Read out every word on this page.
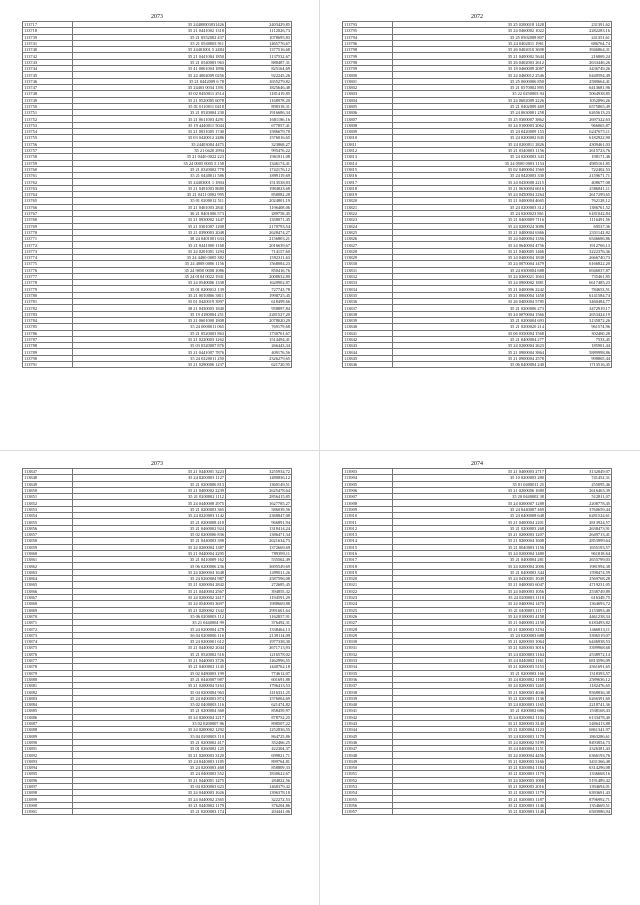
2073
113717	35 24400003031426	2403429,85
113718	35 21 0441002 1318	1112026,73
113739	35 21 0552002 437	1078695,83
113741	35 21 0540003 911	1465776,67
113740	35 24401001 5 2484	1377516,68
113742	35 21 0441004 1850	1137532,67
113743	35 21 0540003 963	888487,31
113744	35 41 0061004 1896	825164,69
113745	35 24 4004009 0256	922245,26
113746	35 21 0442009 6 78	1655279,82
113747	35 24403 0034 1391	1825646,48
113748	35 02 0450011 2514	1181419,85
113749	35 21 0520005 6078	1168978,20
113750	35 01 0110011 0418	898318,31
113751	35 21 0520004 230	1916686,34
113752	35 21 0611003 4291	1681186,16
113753	35 19 4440011 5044	677857,41
113754	35 21 0031005 1740	1586679,78
113755	35 03 0420012 2486	1576016,65
113756	35 24403004 4475	323868,27
113757	35 21 0420 2994	995476,22
113758	35 21 0440 0022 223	1961811,08
113759	35 24 0005 0005 5 158	1346174,41
113760	35 21 0320002 778	1742176,12
113761	35 21 0440011 586	1899119,69
113762	35 24403001 1 1804	1513538,83
113763	35 21 0491003 8680	1984823,68
113764	35 21 0411 0002 995	858082,28
113765	35 01 0200012 511	2024801,19
113766	35 21 0461003 2841	1196408,06
113767	36 21 8401006 573	289758,45
113768	35 21 0930002 1447	1358071,45
113769	35 21 0301007 1208	2170793,54
113770	35 21 0390003 2048	2628474,27
113771	38 24 0401001 634	2156803,21
113772	35 21 0441000 1168	2016639,67
113773	35 24 0201001 1294	714157,60
113774	35 24 4400 0005 382	1592311,63
113775	35 24 4008 0006 1156	1568084,23
113776	35 24 9850 0008 1086	850416,76
113777	35 24 0104 0022 1941	2008632,80
113778	35 24 0540006 1338	1620902,87
113779	35 01 0200012 139	727743,78
113780	35 21 0010006 3811	1998725,45
113781	35 01 0420019 3997	618499,66
113782	38 21 0430003 1840	958897,84
113783	35 19 4180004 251	2281527,20
113784	35 21 0601000 1808	2078020,29
113785	35 24 0000011 065	769179,68
113786	35 21 0520003 863	1730761,67
113787	35 21 0220003 1262	1514494,41
113788	35 03 0320007 876	266443,34
113789	35 21 0441007 7876	409176,56
113790	35 24 0220011 250	2326279,65
113791	35 21 0290006 1237	621720,95
2072
113793	35 25 0200018 1428	231391,62
113795	35 24 0460002 1022	2282283,16
113794	35 25 0502008 807	241351,61
113796	35 24 0402011 1961	686764,74
113798	35 26 0402010 3698	3946864,31
113799	35 21 0400002 5644	216869,24
113798	35 26 0402003 2612	2633446,26
113799	35 18 0460009 2087	3436749,26
113800	35 24 0460012 2546	6440594,49
113801	35 25 0600006 850	2580664,41
113802	35 21 0570002 895	6413681,96
113803	35 22 0250003 94	5064938,85
113804	35 24 0602009 2226	1052096,26
113805	35 21 0402009 469	6575865,49
113806	35 24 0630001 258	6265613,23
113807	35 25 0300007 3862	2697322,63
113808	35 24 0100003 2062	966065,87
113809	35 24 0420009 153	6247675,11
113810	35 24 0200002 845	6182922,90
113811	35 24 0200011 2826	4309461,03
113812	35 21 0340003 1156	2615723,76
113813	35 24 0200003 343	198171,46
113814	35 24 0500 0003 1154	4985161,85
113815	35 02 0400004 1560	722402,53
113816	35 24 0420003 330	2159671,71
113817	35 24 0430008 2215	408677,08
113818	35 21 0630004 6616	2586841,11
113819	35 24 0450004 2264	2617299,65
113820	35 21 0400004 4665	762128,12
113821	35 24 0200003 312	1386761,52
113822	35 24 0200023 861	6181042,84
113823	35 21 0400009 7116	1116491,56
113824	35 24 0200024 3086	69537,36
113825	35 21 0400004 6366	2331142,82
113826	35 24 0400004 1356	6546686,86
113827	35 24 0640004 4756	1912766,13
113828	35 21 0400005 1466	3222376,36
113829	35 24 0400004 1838	2666740,73
113830	35 24 0070004 1479	6166822,20
113831	35 24 0300004 688	6946037,87
113832	35 24 0200021 1663	735461,85
113833	35 24 0900002 1881	6617485,23
113834	35 21 0400006 2242	784653,51
113835	35 21 0060004 1458	6141584,74
113836	35 26 0400004 5785	3460484,77
113837	35 21 0200006 273	3472919,17
113838	35 24 0070004 1566	2653424,19
113839	35 21 0200004 693	3135872,26
113840	35 21 0200020 214	961574,96
113841	35 06 0350004 1568	302460,28
113842	35 21 0400004 277	7533,45
113843	35 24 0200004 2623	185901,44
113844	35 21 0900004 3864	5889998,86
113845	35 21 0900004 2578	998865,44
113846	35 06 0400004 240	1713516,45
2073
113847	35 21 0440001 3223	3255934,72
113848	35 24 0200003 1127	1480836,12
113849	35 21 0200006 813	1360149,51
113850	35 21 0400002 2239	2625478,64
113851	35 21 0200002 1112	2856415,85
113852	35 24 0440008 2975	1627785,27
113853	35 21 0200003 365	586039,56
113854	35 24 0220003 1142	2368847,08
113855	35 21 0200008 418	966891,94
113856	35 21 0460002 924	1318414,24
113857	35 02 0200006 836	1386471,34
113858	35 21 0440003 398	2621634,73
113859	35 24 0200004 1387	1372669,69
113860	35 21 0440004 2295	789399,11
113861	35 21 0410009 162	535562,49
113862	35 06 0200006 236	3695549,69
113863	35 24 0200004 1648	1499011,26
113864	35 24 0260004 987	2587596,08
113865	35 21 0200004 2842	272685,45
113866	35 21 0440004 2567	394855,32
113867	35 24 0200002 2417	1194591,29
113868	35 24 0540003 3697	1988669,88
113869	35 21 0200002 1342	2991661,64
113870	35 06 0200003 112	1162857,91
113871	35 21 0440004 99	376492,31
113872	35 24 0200004 478	1338464,13
113873	36 04 0200006 116	2139114,09
113874	35 24 0200001 612	1977338,30
113875	35 21 0440002 2044	2671713,93
113876	35 21 0520002 516	1216578,02
113877	35 21 0440003 3726	1462996,55
113878	35 21 0400002 1145	1440762,18
113879	35 02 0480003 199	774612,07
113880	35 21 0440007 987	601691,88
113881	35 21 0200004 5163	1796413,53
113882	35 04 0200004 963	1416331,25
113883	35 24 0400003 874	1576064,69
113884	35 02 0400003 116	621474,82
113885	35 21 0200004 368	858459,97
113886	35 24 0200004 2217	878752,25
113887	35 02 0200007 86	898507,22
113888	35 24 0200002 1292	1252836,55
113889	35 04 0200003 110	864725,86
113890	35 21 0200002 417	352466,25
113891	35 01 0260002 125	422304,37
113892	35 21 0200003 3120	699821,71
113893	35 24 0440003 1185	899764,81
113894	35 24 0200003 468	858809,33
113895	35 24 0400003 552	1830622,67
113896	35 21 0440001 1475	284822,56
113897	35 04 0200003 623	1468379,42
113898	35 24 0440003 1626	1396378,18
113899	35 24 0440002 2365	322272,53
113900	35 21 0440002 1179	376204,86
113901	35 21 0200003 174	204441,06
2074
113903	35 21 0400003 2717	3132049,07
113904	35 10 0200003 280	741452,31
113905	35 01 0400011 25	255095,46
113906	35 21 0200006 1680	2616463,39
113907	35 20 0440002 38	512811,07
113908	35 24 0200007 1288	2208778,45
113909	35 24 0440007 469	3760659,44
113910	35 24 0400008 648	6281524,61
113911	35 21 0400004 2201	2813924,57
113912	35 21 0200003 268	2638473,91
113913	35 21 0200003 1207	2649713,41
113914	35 21 0200004 1608	2853999,64
113915	35 21 0040003 1156	1655193,57
113916	35 24 0200004 1480	961818,64
113917	35 21 0400004 281	2655799,03
113918	35 24 0200004 2006	1981994,38
113919	35 21 0400003 344	1598474,59
113920	35 24 0430001 1049	2569768,28
113921	35 21 0400003 6047	4719231,05
113922	35 24 0400003 1056	2538749,89
113923	35 24 0200003 1118	616349,75
113924	35 24 0400004 1470	1364693,72
113925	35 21 0400003 1117	2153893,40
113926	35 24 0100003 4158	4461238,34
113927	35 21 0400003 2158	6183493,82
113928	35 21 0200003 3194	1466813,11
113929	35 24 0200003 688	3396519,07
113930	35 21 0200003 1064	6446938,53
113931	35 21 0200003 3016	3399968,68
113932	35 24 0200003 1164	2538972,14
113933	35 24 0440002 1161	6813596,09
113934	35 21 0200003 5153	2561691,65
113935	35 21 0200003 166	1318393,57
113936	35 24 0200002 1108	2589636,12
113937	35 24 0200003 1265	1182476,65
113938	35 21 0200003 4046	8568836,38
113939	35 21 0200003 1136	6266391,60
113940	35 24 0200003 1165	2218741,36
113941	35 21 0200002 686	1538168,43
113942	35 24 0200002 1102	6133478,40
113943	35 21 0200003 3140	5486413,88
113944	35 21 0200004 1123	6861341,97
113945	35 24 0200003 1170	1863286,61
113946	35 24 0200002 5199	8493854,73
113947	35 24 0400004 1151	2326381,43
113948	35 24 0300004 4456	6366193,76
113949	35 21 0200003 3166	3431366,48
113950	35 21 0200004 1184	6314296,08
113951	35 21 0200003 1179	1336668,16
113952	35 24 0200003 1008	5191489,42
113953	35 21 0200003 2016	1394694,01
113954	35 21 0200003 1179	6393691,43
113955	35 21 0200003 1187	8796992,71
113956	35 21 0200003 1146	1354669,51
113957	35 21 0200003 1146	6583986,94
